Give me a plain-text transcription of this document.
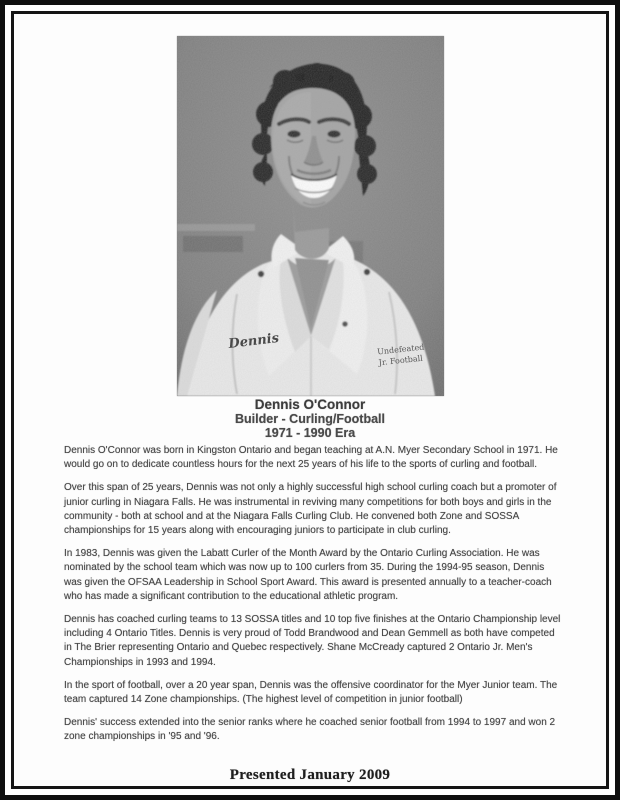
Dennis O'Connor
Builder - Curling/Football
1971 - 1990 Era

Dennis O'Connor was born in Kingston Ontario and began teaching at A.N. Myer Secondary School in 1971. He would go on to dedicate countless hours for the next 25 years of his life to the sports of curling and football.

Over this span of 25 years, Dennis was not only a highly successful high school curling coach but a promoter of junior curling in Niagara Falls. He was instrumental in reviving many competitions for both boys and girls in the community - both at school and at the Niagara Falls Curling Club. He convened both Zone and SOSSA championships for 15 years along with encouraging juniors to participate in club curling.

In 1983, Dennis was given the Labatt Curler of the Month Award by the Ontario Curling Association. He was nominated by the school team which was now up to 100 curlers from 35. During the 1994-95 season, Dennis was given the OFSAA Leadership in School Sport Award. This award is presented annually to a teacher-coach who has made a significant contribution to the educational athletic program.

Dennis has coached curling teams to 13 SOSSA titles and 10 top five finishes at the Ontario Championship level including 4 Ontario Titles. Dennis is very proud of Todd Brandwood and Dean Gemmell as both have competed in The Brier representing Ontario and Quebec respectively. Shane McCready captured 2 Ontario Jr. Men's Championships in 1993 and 1994.

In the sport of football, over a 20 year span, Dennis was the offensive coordinator for the Myer Junior team. The team captured 14 Zone championships. (The highest level of competition in junior football)

Dennis' success extended into the senior ranks where he coached senior football from 1994 to 1997 and won 2 zone championships in '95 and '96.

Presented January 2009
